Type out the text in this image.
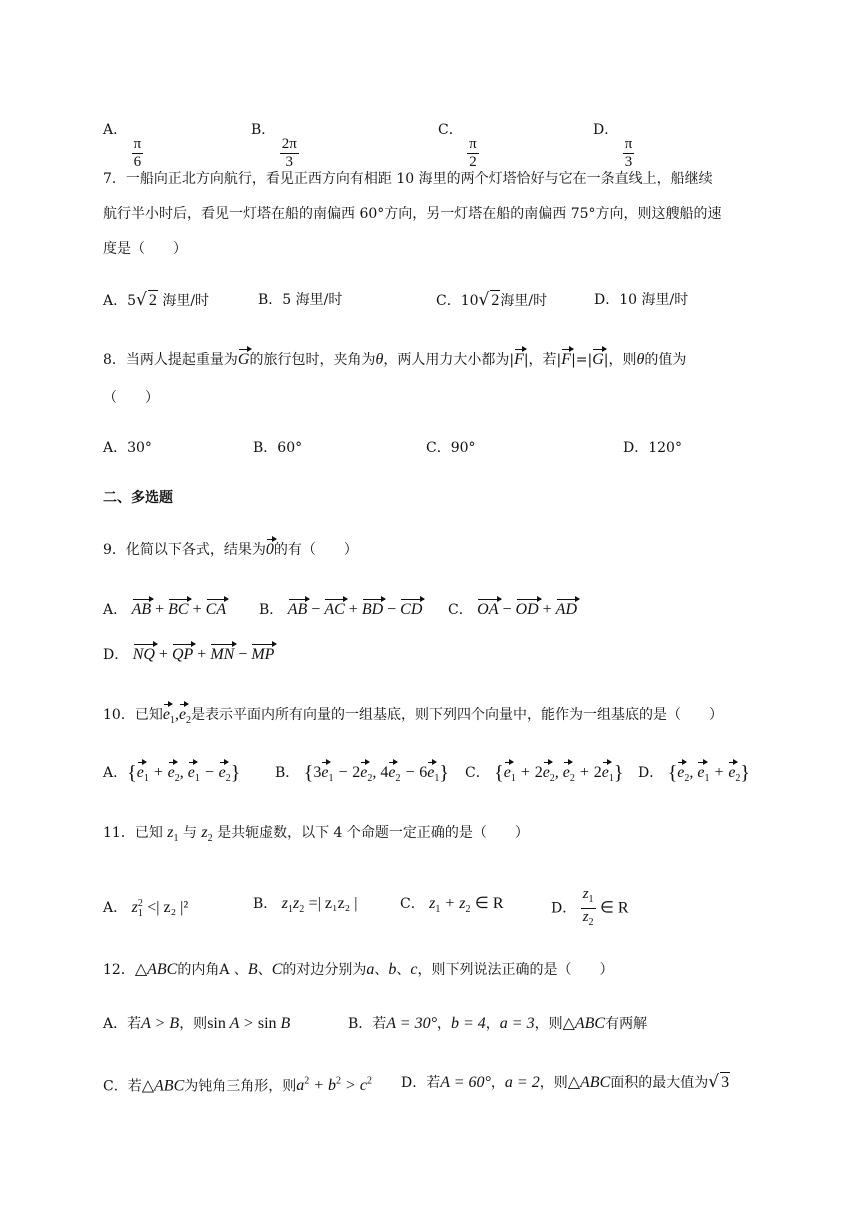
A．
$\frac{\pi}{6}$
B．
$\frac{2\pi}{3}$
C．
$\frac{\pi}{2}$
D．
$\frac{\pi}{3}$
7．一船向正北方向航行，看见正西方向有相距 10 海里的两个灯塔恰好与它在一条直线上，船继续
航行半小时后，看见一灯塔在船的南偏西 60°方向，另一灯塔在船的南偏西 75°方向，则这艘船的速
度是（　　）
A．5√ 2 海里/时	B．5 海里/时	C．10√ 2海里/时	D．10 海里/时
8．当两人提起重量为G的旅行包时，夹角为θ，两人用力大小都为|F|，若|F|=|G|，则θ的值为
（　　）
A．30°	B．60°	C．90°	D．120°
二、多选题
9．化简以下各式，结果为0的有（　　）
A． AB + BC + CA B． AB − AC + BD − CD C． OA − OD + AD
D． NQ + QP + MN − MP
10．已知$e_1,e_2$是表示平面内所有向量的一组基底，则下列四个向量中，能作为一组基底的是（　　）
A．{$e_1 + e_2$, $e_1 - e_2$} B． {$3e_1 - 2e_2$, $4e_2 - 6e_1$} C． {$e_1 + 2e_2$, $e_2 + 2e_1$} D． {$e_2$, $e_1 + e_2$}
11．已知 $z_1$ 与 $z_2$ 是共轭虚数，以下 4 个命题一定正确的是（　　）
A． $z_1^2$ <| z₂ |²	B． $z_1z_2$ =| z₁z₂ |	C． $z_1 + z_2$ ∈ R	D． $\frac{z_1}{z_2}$ ∈ R
12．△ABC的内角A 、B、C的对边分别为a、b、c，则下列说法正确的是（　　）
A．若A > B，则sin A > sin B	B．若A = 30°，b = 4，a = 3，则△ABC有两解
C．若△ABC为钝角三角形，则$a^2 + b^2 > c^2$ D．若A = 60°，a = 2，则△ABC面积的最大值为√ 3
